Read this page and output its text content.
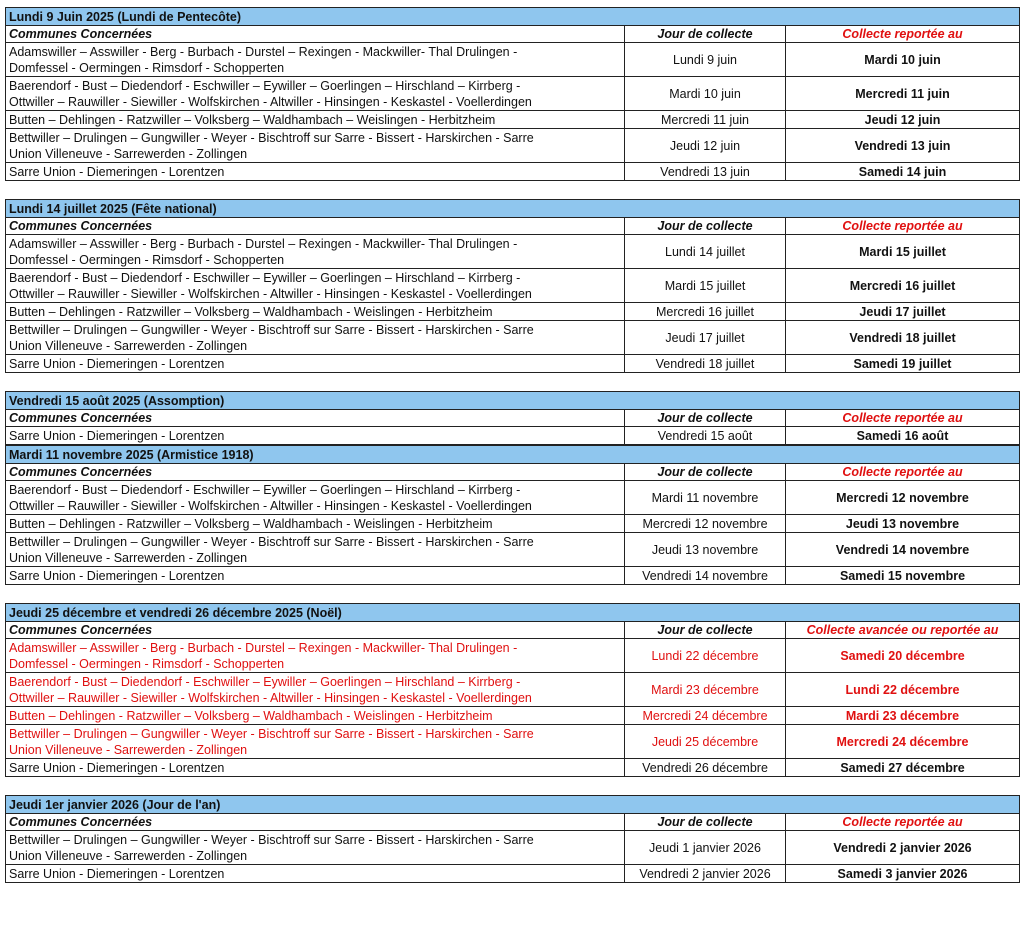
Lundi 9 Juin 2025 (Lundi de Pentecôte)		
Communes Concernées	Jour de collecte	Collecte reportée au

Adamswiller – Asswiller - Berg - Burbach - Durstel – Rexingen - Mackwiller- Thal Drulingen -
Domfessel - Oermingen - Rimsdorf - Schopperten	Lundi 9 juin	Mardi 10 juin

Baerendorf - Bust – Diedendorf - Eschwiller – Eywiller – Goerlingen – Hirschland – Kirrberg -
Ottwiller – Rauwiller - Siewiller - Wolfskirchen - Altwiller - Hinsingen - Keskastel - Voellerdingen	Mardi 10 juin	Mercredi 11 juin

Butten – Dehlingen - Ratzwiller – Volksberg – Waldhambach – Weislingen - Herbitzheim	Mercredi 11 juin	Jeudi 12 juin

Bettwiller – Drulingen – Gungwiller - Weyer - Bischtroff sur Sarre - Bissert - Harskirchen - Sarre
Union Villeneuve - Sarrewerden - Zollingen	Jeudi 12 juin	Vendredi 13 juin

Sarre Union - Diemeringen - Lorentzen	Vendredi 13 juin	Samedi 14 juin
Lundi 14 juillet 2025 (Fête national)		
Communes Concernées	Jour de collecte	Collecte reportée au

Adamswiller – Asswiller - Berg - Burbach - Durstel – Rexingen - Mackwiller- Thal Drulingen -
Domfessel - Oermingen - Rimsdorf - Schopperten	Lundi 14 juillet	Mardi 15 juillet

Baerendorf - Bust – Diedendorf - Eschwiller – Eywiller – Goerlingen – Hirschland – Kirrberg -
Ottwiller – Rauwiller - Siewiller - Wolfskirchen - Altwiller - Hinsingen - Keskastel - Voellerdingen	Mardi 15 juillet	Mercredi 16 juillet

Butten – Dehlingen - Ratzwiller – Volksberg – Waldhambach - Weislingen - Herbitzheim	Mercredi 16 juillet	Jeudi 17 juillet

Bettwiller – Drulingen – Gungwiller - Weyer - Bischtroff sur Sarre - Bissert - Harskirchen - Sarre
Union Villeneuve - Sarrewerden - Zollingen	Jeudi 17 juillet	Vendredi 18 juillet

Sarre Union - Diemeringen - Lorentzen	Vendredi 18 juillet	Samedi 19 juillet
Vendredi 15 août 2025 (Assomption)		
Communes Concernées	Jour de collecte	Collecte reportée au

Sarre Union - Diemeringen - Lorentzen	Vendredi 15 août	Samedi 16 août
Mardi 11 novembre 2025 (Armistice 1918)		
Communes Concernées	Jour de collecte	Collecte reportée au

Baerendorf - Bust – Diedendorf - Eschwiller – Eywiller – Goerlingen – Hirschland – Kirrberg -
Ottwiller – Rauwiller - Siewiller - Wolfskirchen - Altwiller - Hinsingen - Keskastel - Voellerdingen	Mardi 11 novembre	Mercredi 12 novembre

Butten – Dehlingen - Ratzwiller – Volksberg – Waldhambach - Weislingen - Herbitzheim	Mercredi 12 novembre	Jeudi 13 novembre

Bettwiller – Drulingen – Gungwiller - Weyer - Bischtroff sur Sarre - Bissert - Harskirchen - Sarre
Union Villeneuve - Sarrewerden - Zollingen	Jeudi 13 novembre	Vendredi 14 novembre

Sarre Union - Diemeringen - Lorentzen	Vendredi 14 novembre	Samedi 15 novembre
Jeudi 25 décembre et vendredi 26 décembre 2025 (Noël)		
Communes Concernées	Jour de collecte	Collecte avancée ou reportée au

Adamswiller – Asswiller - Berg - Burbach - Durstel – Rexingen - Mackwiller- Thal Drulingen -
Domfessel - Oermingen - Rimsdorf - Schopperten	Lundi 22 décembre	Samedi 20 décembre

Baerendorf - Bust – Diedendorf - Eschwiller – Eywiller – Goerlingen – Hirschland – Kirrberg -
Ottwiller – Rauwiller - Siewiller - Wolfskirchen - Altwiller - Hinsingen - Keskastel - Voellerdingen	Mardi 23 décembre	Lundi 22 décembre

Butten – Dehlingen - Ratzwiller – Volksberg – Waldhambach - Weislingen - Herbitzheim	Mercredi 24 décembre	Mardi 23 décembre

Bettwiller – Drulingen – Gungwiller - Weyer - Bischtroff sur Sarre - Bissert - Harskirchen - Sarre
Union Villeneuve - Sarrewerden - Zollingen	Jeudi 25 décembre	Mercredi 24 décembre

Sarre Union - Diemeringen - Lorentzen	Vendredi 26 décembre	Samedi 27 décembre
Jeudi 1er janvier 2026 (Jour de l'an)		
Communes Concernées	Jour de collecte	Collecte reportée au

Bettwiller – Drulingen – Gungwiller - Weyer - Bischtroff sur Sarre - Bissert - Harskirchen - Sarre
Union Villeneuve - Sarrewerden - Zollingen	Jeudi 1 janvier 2026	Vendredi 2 janvier 2026

Sarre Union - Diemeringen - Lorentzen	Vendredi 2 janvier 2026	Samedi 3 janvier 2026
